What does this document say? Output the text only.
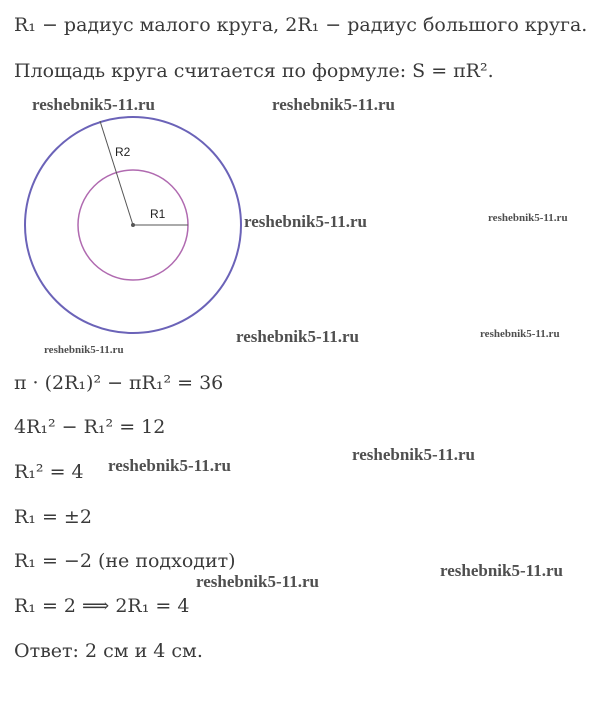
R₁ − радиус малого круга, 2R₁ − радиус большого круга.
Площадь круга считается по формуле: S = πR².
R2
R1
π · (2R₁)² − πR₁² = 36
4R₁² − R₁² = 12
R₁² = 4
R₁ = ±2
R₁ = −2 (не подходит)
R₁ = 2 ⟹ 2R₁ = 4
Ответ: 2 см и 4 см.
reshebnik5-11.ru	reshebnik5-11.ru
reshebnik5-11.ru	reshebnik5-11.ru
reshebnik5-11.ru	reshebnik5-11.ru
reshebnik5-11.ru
reshebnik5-11.ru
reshebnik5-11.ru
reshebnik5-11.ru
reshebnik5-11.ru
